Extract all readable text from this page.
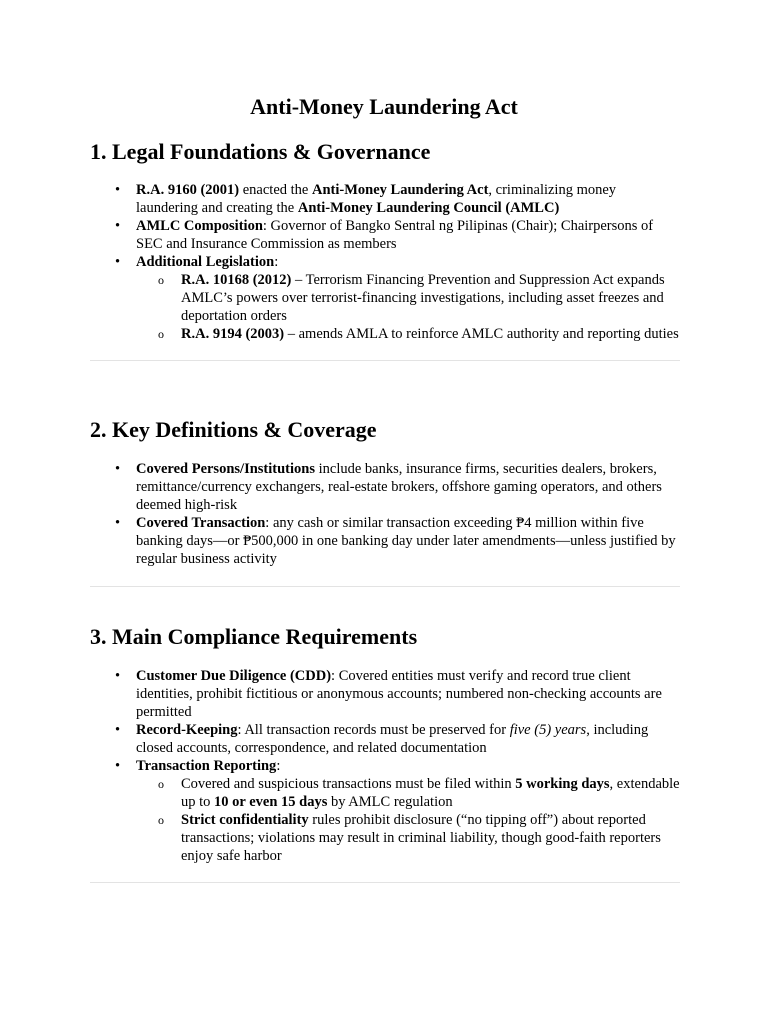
Anti-Money Laundering Act
1. Legal Foundations & Governance
• R.A. 9160 (2001) enacted the Anti-Money Laundering Act, criminalizing money laundering and creating the Anti-Money Laundering Council (AMLC)
• AMLC Composition: Governor of Bangko Sentral ng Pilipinas (Chair); Chairpersons of SEC and Insurance Commission as members
• Additional Legislation:
o R.A. 10168 (2012) – Terrorism Financing Prevention and Suppression Act expands AMLC’s powers over terrorist-financing investigations, including asset freezes and deportation orders
o R.A. 9194 (2003) – amends AMLA to reinforce AMLC authority and reporting duties
2. Key Definitions & Coverage
• Covered Persons/Institutions include banks, insurance firms, securities dealers, brokers, remittance/currency exchangers, real-estate brokers, offshore gaming operators, and others deemed high-risk
• Covered Transaction: any cash or similar transaction exceeding ₱4 million within five banking days—or ₱500,000 in one banking day under later amendments—unless justified by regular business activity
3. Main Compliance Requirements
• Customer Due Diligence (CDD): Covered entities must verify and record true client identities, prohibit fictitious or anonymous accounts; numbered non-checking accounts are permitted
• Record-Keeping: All transaction records must be preserved for five (5) years, including closed accounts, correspondence, and related documentation
• Transaction Reporting:
o Covered and suspicious transactions must be filed within 5 working days, extendable up to 10 or even 15 days by AMLC regulation
o Strict confidentiality rules prohibit disclosure (“no tipping off”) about reported transactions; violations may result in criminal liability, though good-faith reporters enjoy safe harbor
